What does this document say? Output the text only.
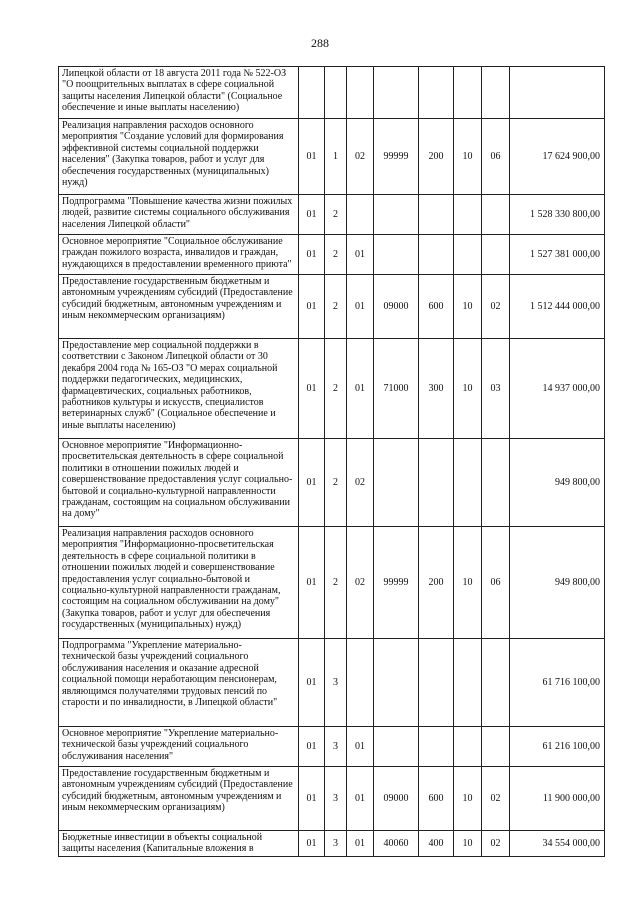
288
Липецкой области от 18 августа 2011 года № 522-ОЗ "О поощрительных выплатах в сфере социальной защиты населения Липецкой области" (Социальное обеспечение и иные выплаты населению)								
Реализация направления расходов основного мероприятия "Создание условий для формирования эффективной системы социальной поддержки населения" (Закупка товаров, работ и услуг для обеспечения государственных (муниципальных) нужд)	01	1	02	99999	200	10	06	17 624 900,00
Подпрограмма "Повышение качества жизни пожилых людей, развитие системы социального обслуживания населения Липецкой области"	01	2						1 528 330 800,00
Основное мероприятие "Социальное обслуживание граждан пожилого возраста, инвалидов и граждан, нуждающихся в предоставлении временного приюта"	01	2	01					1 527 381 000,00
Предоставление государственным бюджетным и автономным учреждениям субсидий (Предоставление субсидий бюджетным, автономным учреждениям и иным некоммерческим организациям)	01	2	01	09000	600	10	02	1 512 444 000,00
Предоставление мер социальной поддержки в соответствии с Законом Липецкой области от 30 декабря 2004 года № 165-ОЗ "О мерах социальной поддержки педагогических, медицинских, фармацевтических, социальных работников, работников культуры и искусств, специалистов ветеринарных служб" (Социальное обеспечение и иные выплаты населению)	01	2	01	71000	300	10	03	14 937 000,00
Основное мероприятие "Информационно-просветительская деятельность в сфере социальной политики в отношении пожилых людей и совершенствование предоставления услуг социально-бытовой и социально-культурной направленности гражданам, состоящим на социальном обслуживании на дому"	01	2	02					949 800,00
Реализация направления расходов основного мероприятия "Информационно-просветительская деятельность в сфере социальной политики в отношении пожилых людей и совершенствование предоставления услуг социально-бытовой и социально-культурной направленности гражданам, состоящим на социальном обслуживании на дому" (Закупка товаров, работ и услуг для обеспечения государственных (муниципальных) нужд)	01	2	02	99999	200	10	06	949 800,00
Подпрограмма "Укрепление материально-технической базы учреждений социального обслуживания населения и оказание адресной социальной помощи неработающим пенсионерам, являющимся получателями трудовых пенсий по старости и по инвалидности, в Липецкой области"	01	3						61 716 100,00
Основное мероприятие "Укрепление материально-технической базы учреждений социального обслуживания населения"	01	3	01					61 216 100,00
Предоставление государственным бюджетным и автономным учреждениям субсидий (Предоставление субсидий бюджетным, автономным учреждениям и иным некоммерческим организациям)	01	3	01	09000	600	10	02	11 900 000,00
Бюджетные инвестиции в объекты социальной защиты населения (Капитальные вложения в	01	3	01	40060	400	10	02	34 554 000,00
